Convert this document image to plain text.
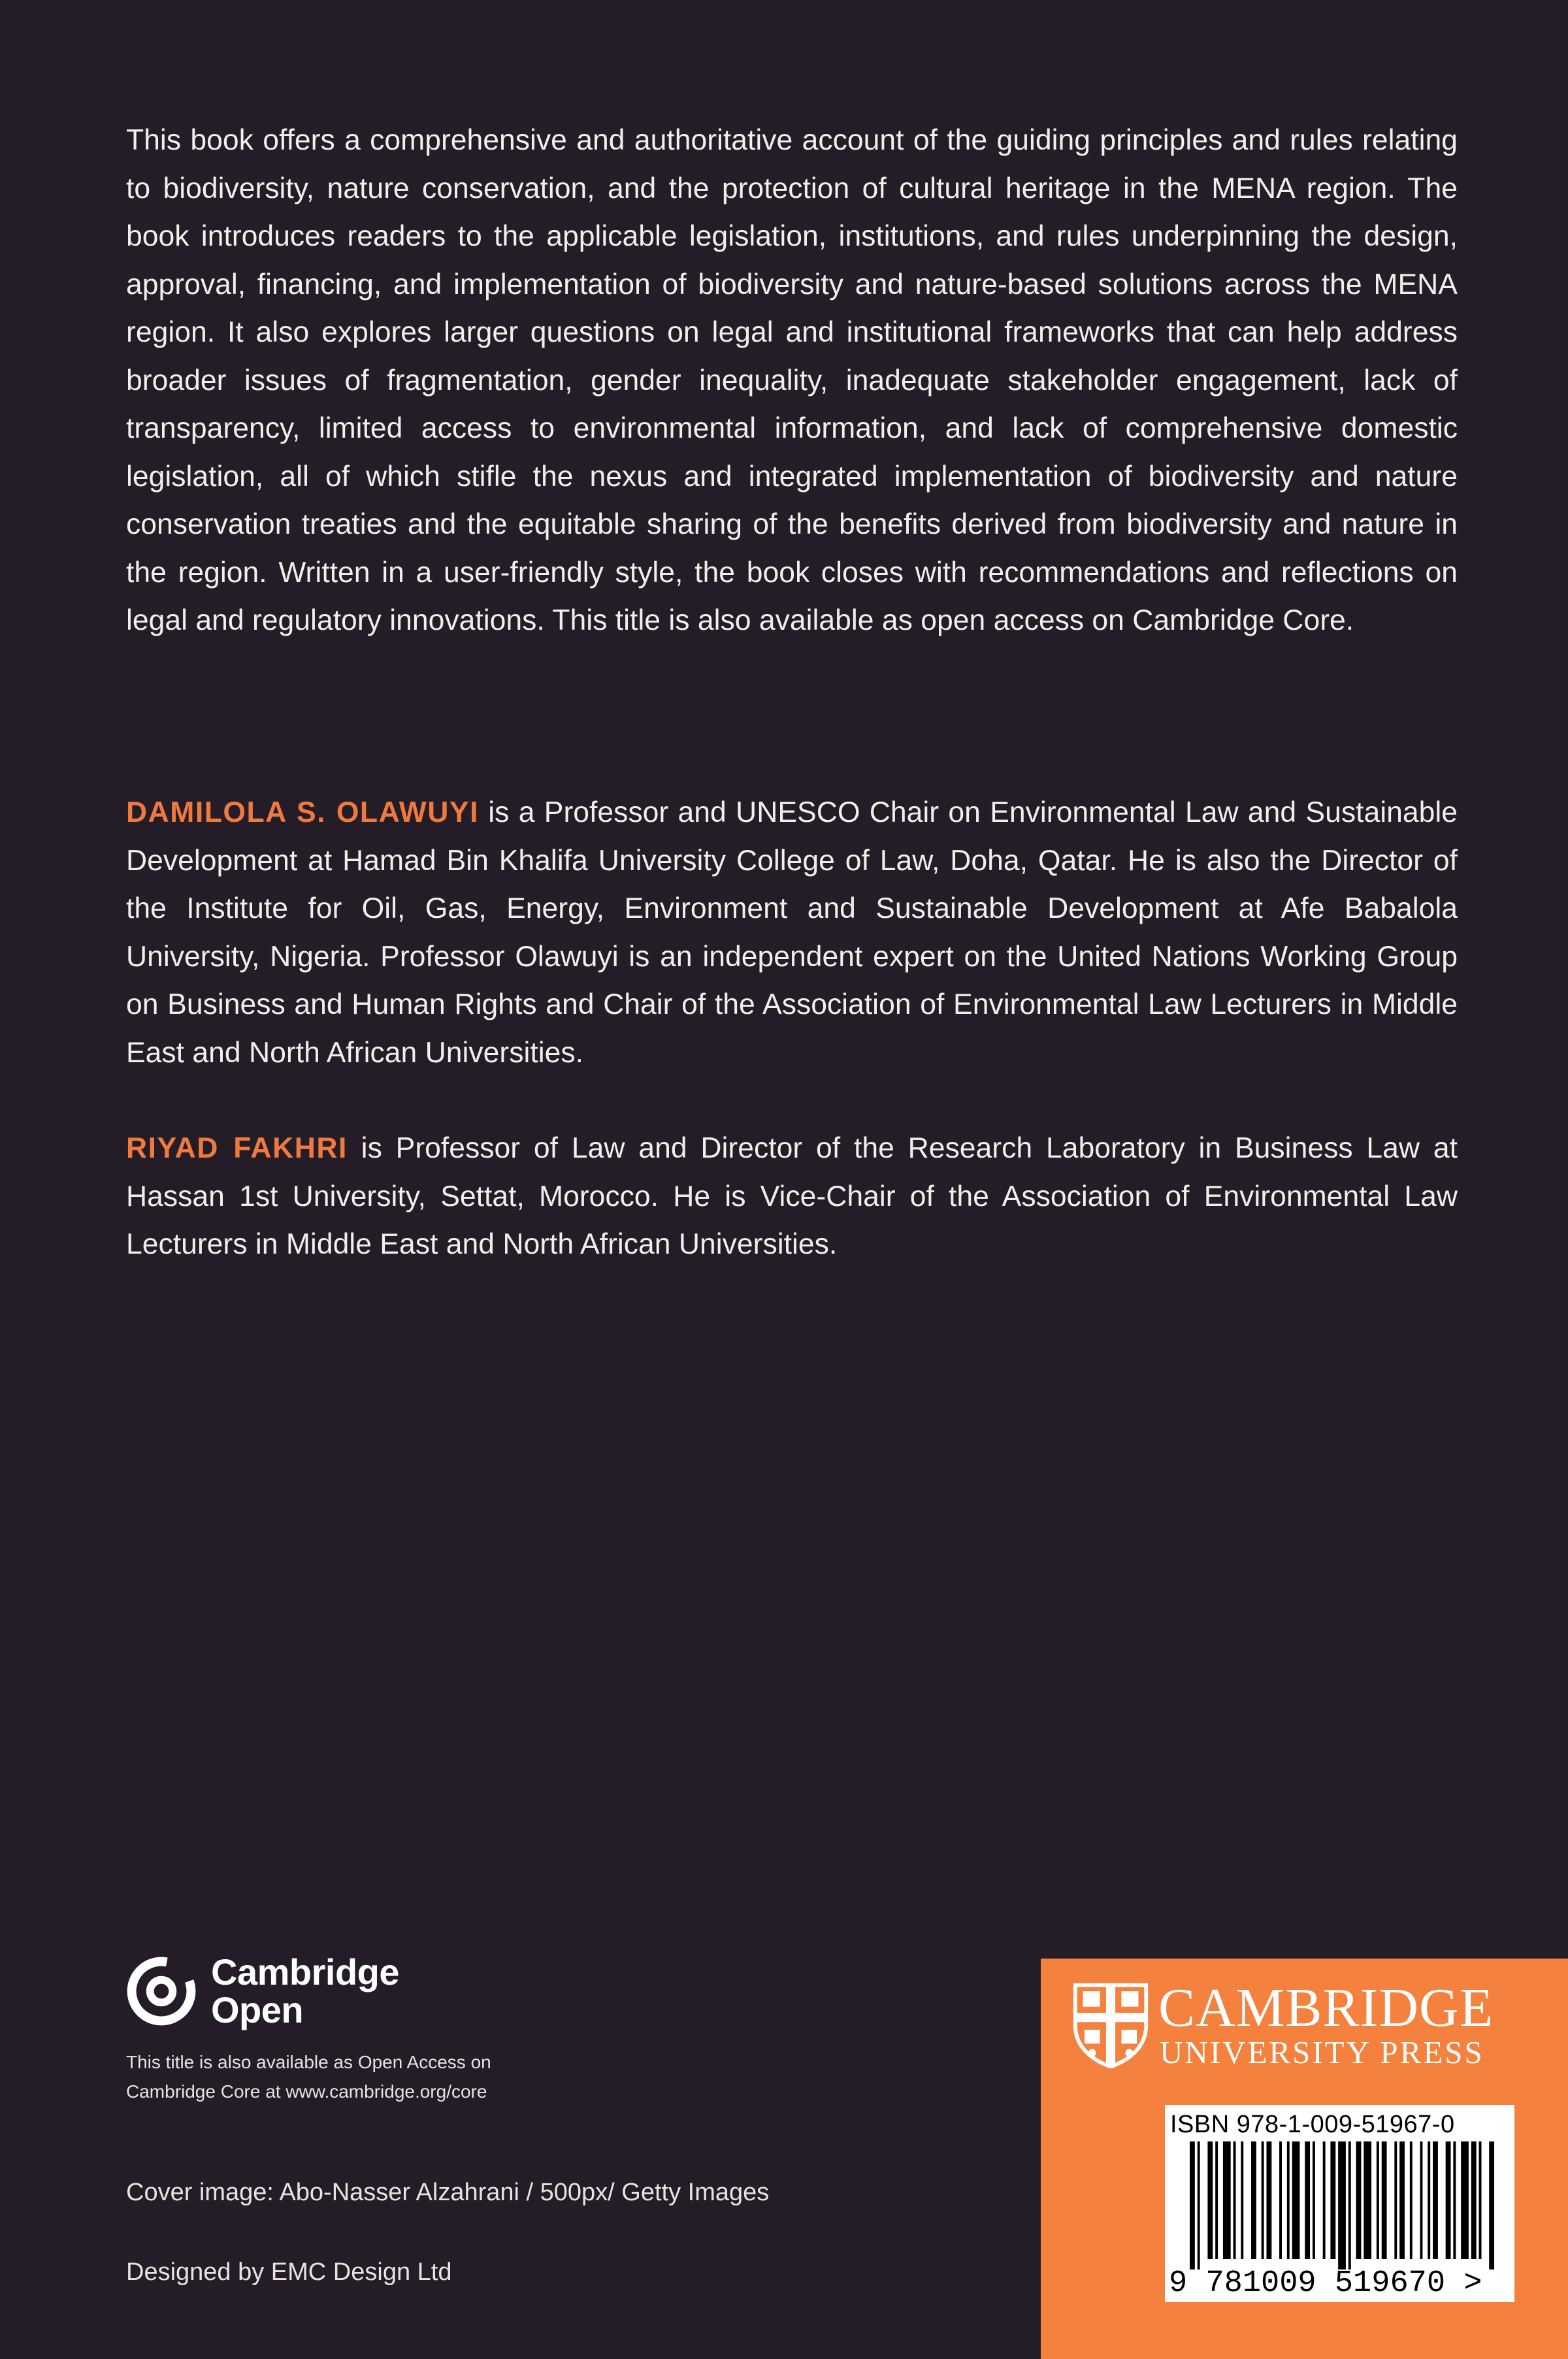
This book offers a comprehensive and authoritative account of the guiding principles and rules relating to biodiversity, nature conservation, and the protection of cultural heritage in the MENA region. The book introduces readers to the applicable legislation, institutions, and rules underpinning the design, approval, financing, and implementation of biodiversity and nature-based solutions across the MENA region. It also explores larger questions on legal and institutional frameworks that can help address broader issues of fragmentation, gender inequality, inadequate stakeholder engagement, lack of transparency, limited access to environmental information, and lack of comprehensive domestic legislation, all of which stifle the nexus and integrated implementation of biodiversity and nature conservation treaties and the equitable sharing of the benefits derived from biodiversity and nature in the region. Written in a user-friendly style, the book closes with recommendations and reflections on legal and regulatory innovations. This title is also available as open access on Cambridge Core.
DAMILOLA S. OLAWUYI is a Professor and UNESCO Chair on Environmental Law and Sustainable Development at Hamad Bin Khalifa University College of Law, Doha, Qatar. He is also the Director of the Institute for Oil, Gas, Energy, Environment and Sustainable Development at Afe Babalola University, Nigeria. Professor Olawuyi is an independent expert on the United Nations Working Group on Business and Human Rights and Chair of the Association of Environmental Law Lecturers in Middle East and North African Universities.
RIYAD FAKHRI is Professor of Law and Director of the Research Laboratory in Business Law at Hassan 1st University, Settat, Morocco. He is Vice-Chair of the Association of Environmental Law Lecturers in Middle East and North African Universities.
Cambridge
Open
This title is also available as Open Access on
Cambridge Core at www.cambridge.org/core
Cover image: Abo-Nasser Alzahrani / 500px/ Getty Images
Designed by EMC Design Ltd
CAMBRIDGE
UNIVERSITY PRESS
ISBN 978-1-009-51967-0
9 781009 519670 >
